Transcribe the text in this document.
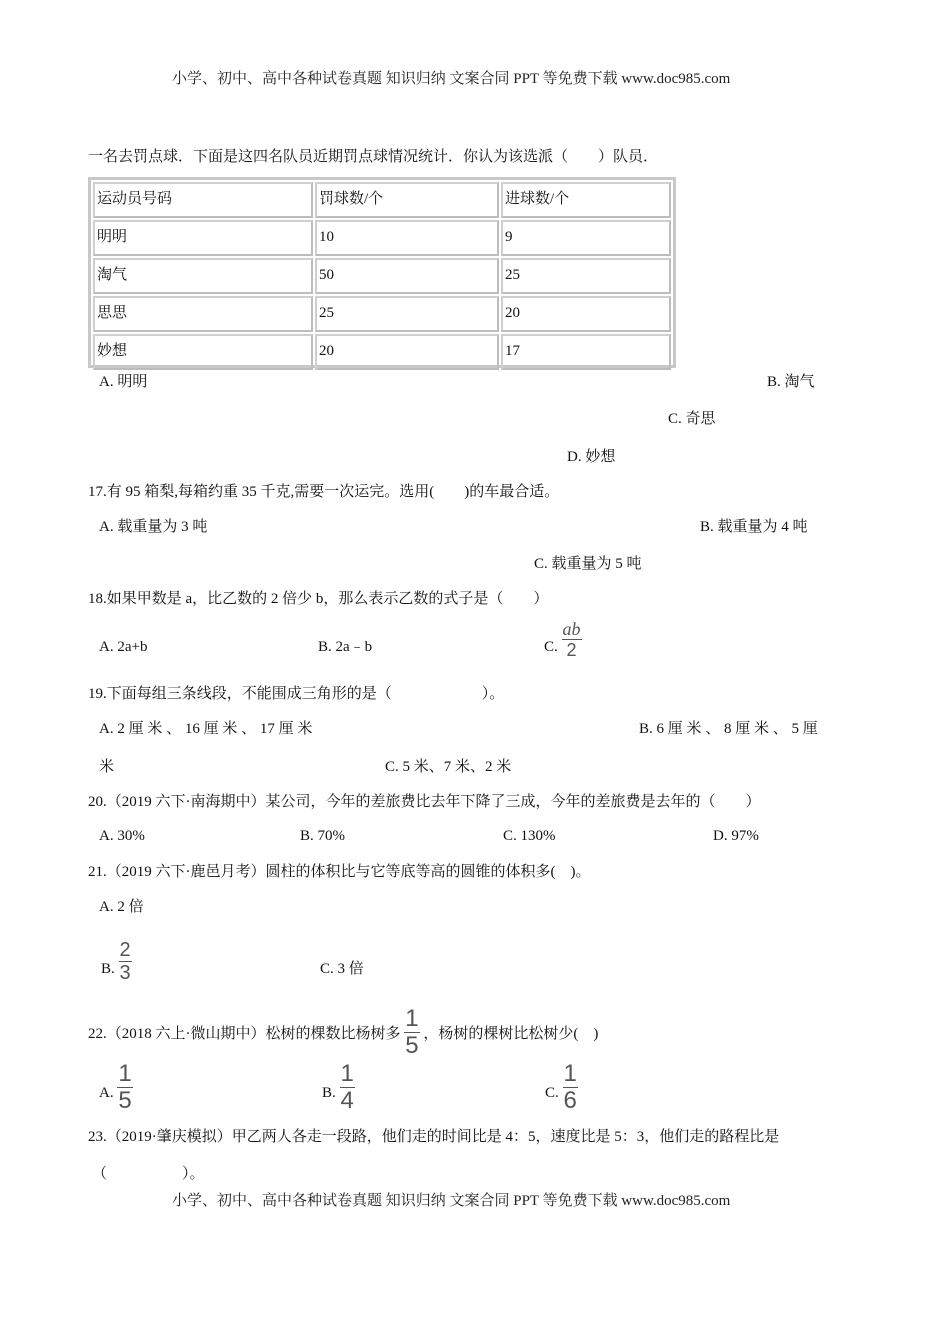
小学、初中、高中各种试卷真题 知识归纳 文案合同 PPT 等免费下载 www.doc985.com
一名去罚点球．下面是这四名队员近期罚点球情况统计．你认为该选派（　　）队员．
运动员号码	罚球数/个	进球数/个
明明	10	9
淘气	50	25
思思	25	20
妙想	20	17
A. 明明	B. 淘气
C. 奇思
D. 妙想
17.有 95 箱梨,每箱约重 35 千克,需要一次运完。选用(　　)的车最合适。
A. 载重量为 3 吨	B. 载重量为 4 吨
C. 载重量为 5 吨
18.如果甲数是 a，比乙数的 2 倍少 b，那么表示乙数的式子是（　　）
A. 2a+b	B. 2a﹣b	C. $\frac{ab}{2}$
19.下面每组三条线段，不能围成三角形的是（　　　　　　）。
A. 2 厘 米 、 16 厘 米 、 17 厘 米	B. 6 厘 米 、 8 厘 米 、 5 厘
米	C. 5 米、7 米、2 米
20.（2019 六下·南海期中）某公司，今年的差旅费比去年下降了三成，今年的差旅费是去年的（　　）
A. 30%	B. 70%	C. 130%	D. 97%
21.（2019 六下·鹿邑月考）圆柱的体积比与它等底等高的圆锥的体积多(　)。
A. 2 倍
B. $\frac{2}{3}$	C. 3 倍
22.（2018 六上·微山期中）松树的棵数比杨树多 $\frac{1}{5}$ ，杨树的棵树比松树少(　)
A. $\frac{1}{5}$	B. $\frac{1}{4}$	C. $\frac{1}{6}$
23.（2019·肇庆模拟）甲乙两人各走一段路，他们走的时间比是 4：5，速度比是 5：3，他们走的路程比是
（　　　　　）。
小学、初中、高中各种试卷真题 知识归纳 文案合同 PPT 等免费下载 www.doc985.com
